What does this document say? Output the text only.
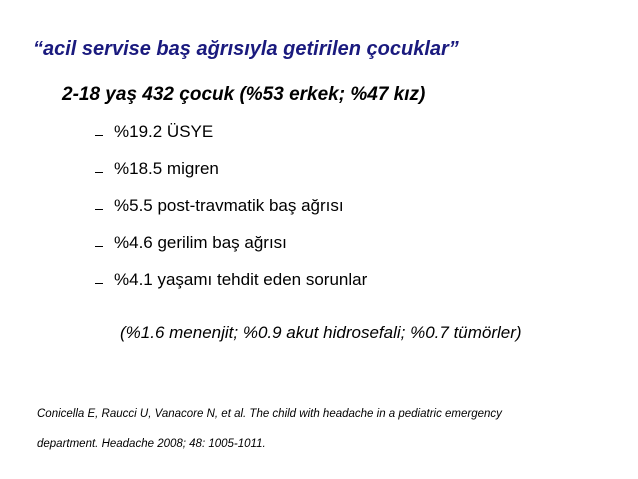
“acil servise baş ağrısıyla getirilen çocuklar”
2-18 yaş 432 çocuk (%53 erkek; %47 kız)
%19.2 ÜSYE
%18.5 migren
%5.5 post-travmatik baş ağrısı
%4.6 gerilim baş ağrısı
%4.1 yaşamı tehdit eden sorunlar
(%1.6 menenjit; %0.9 akut hidrosefali; %0.7 tümörler)
Conicella E, Raucci U, Vanacore N, et al. The child with headache in a pediatric emergency
department. Headache 2008; 48: 1005-1011.
